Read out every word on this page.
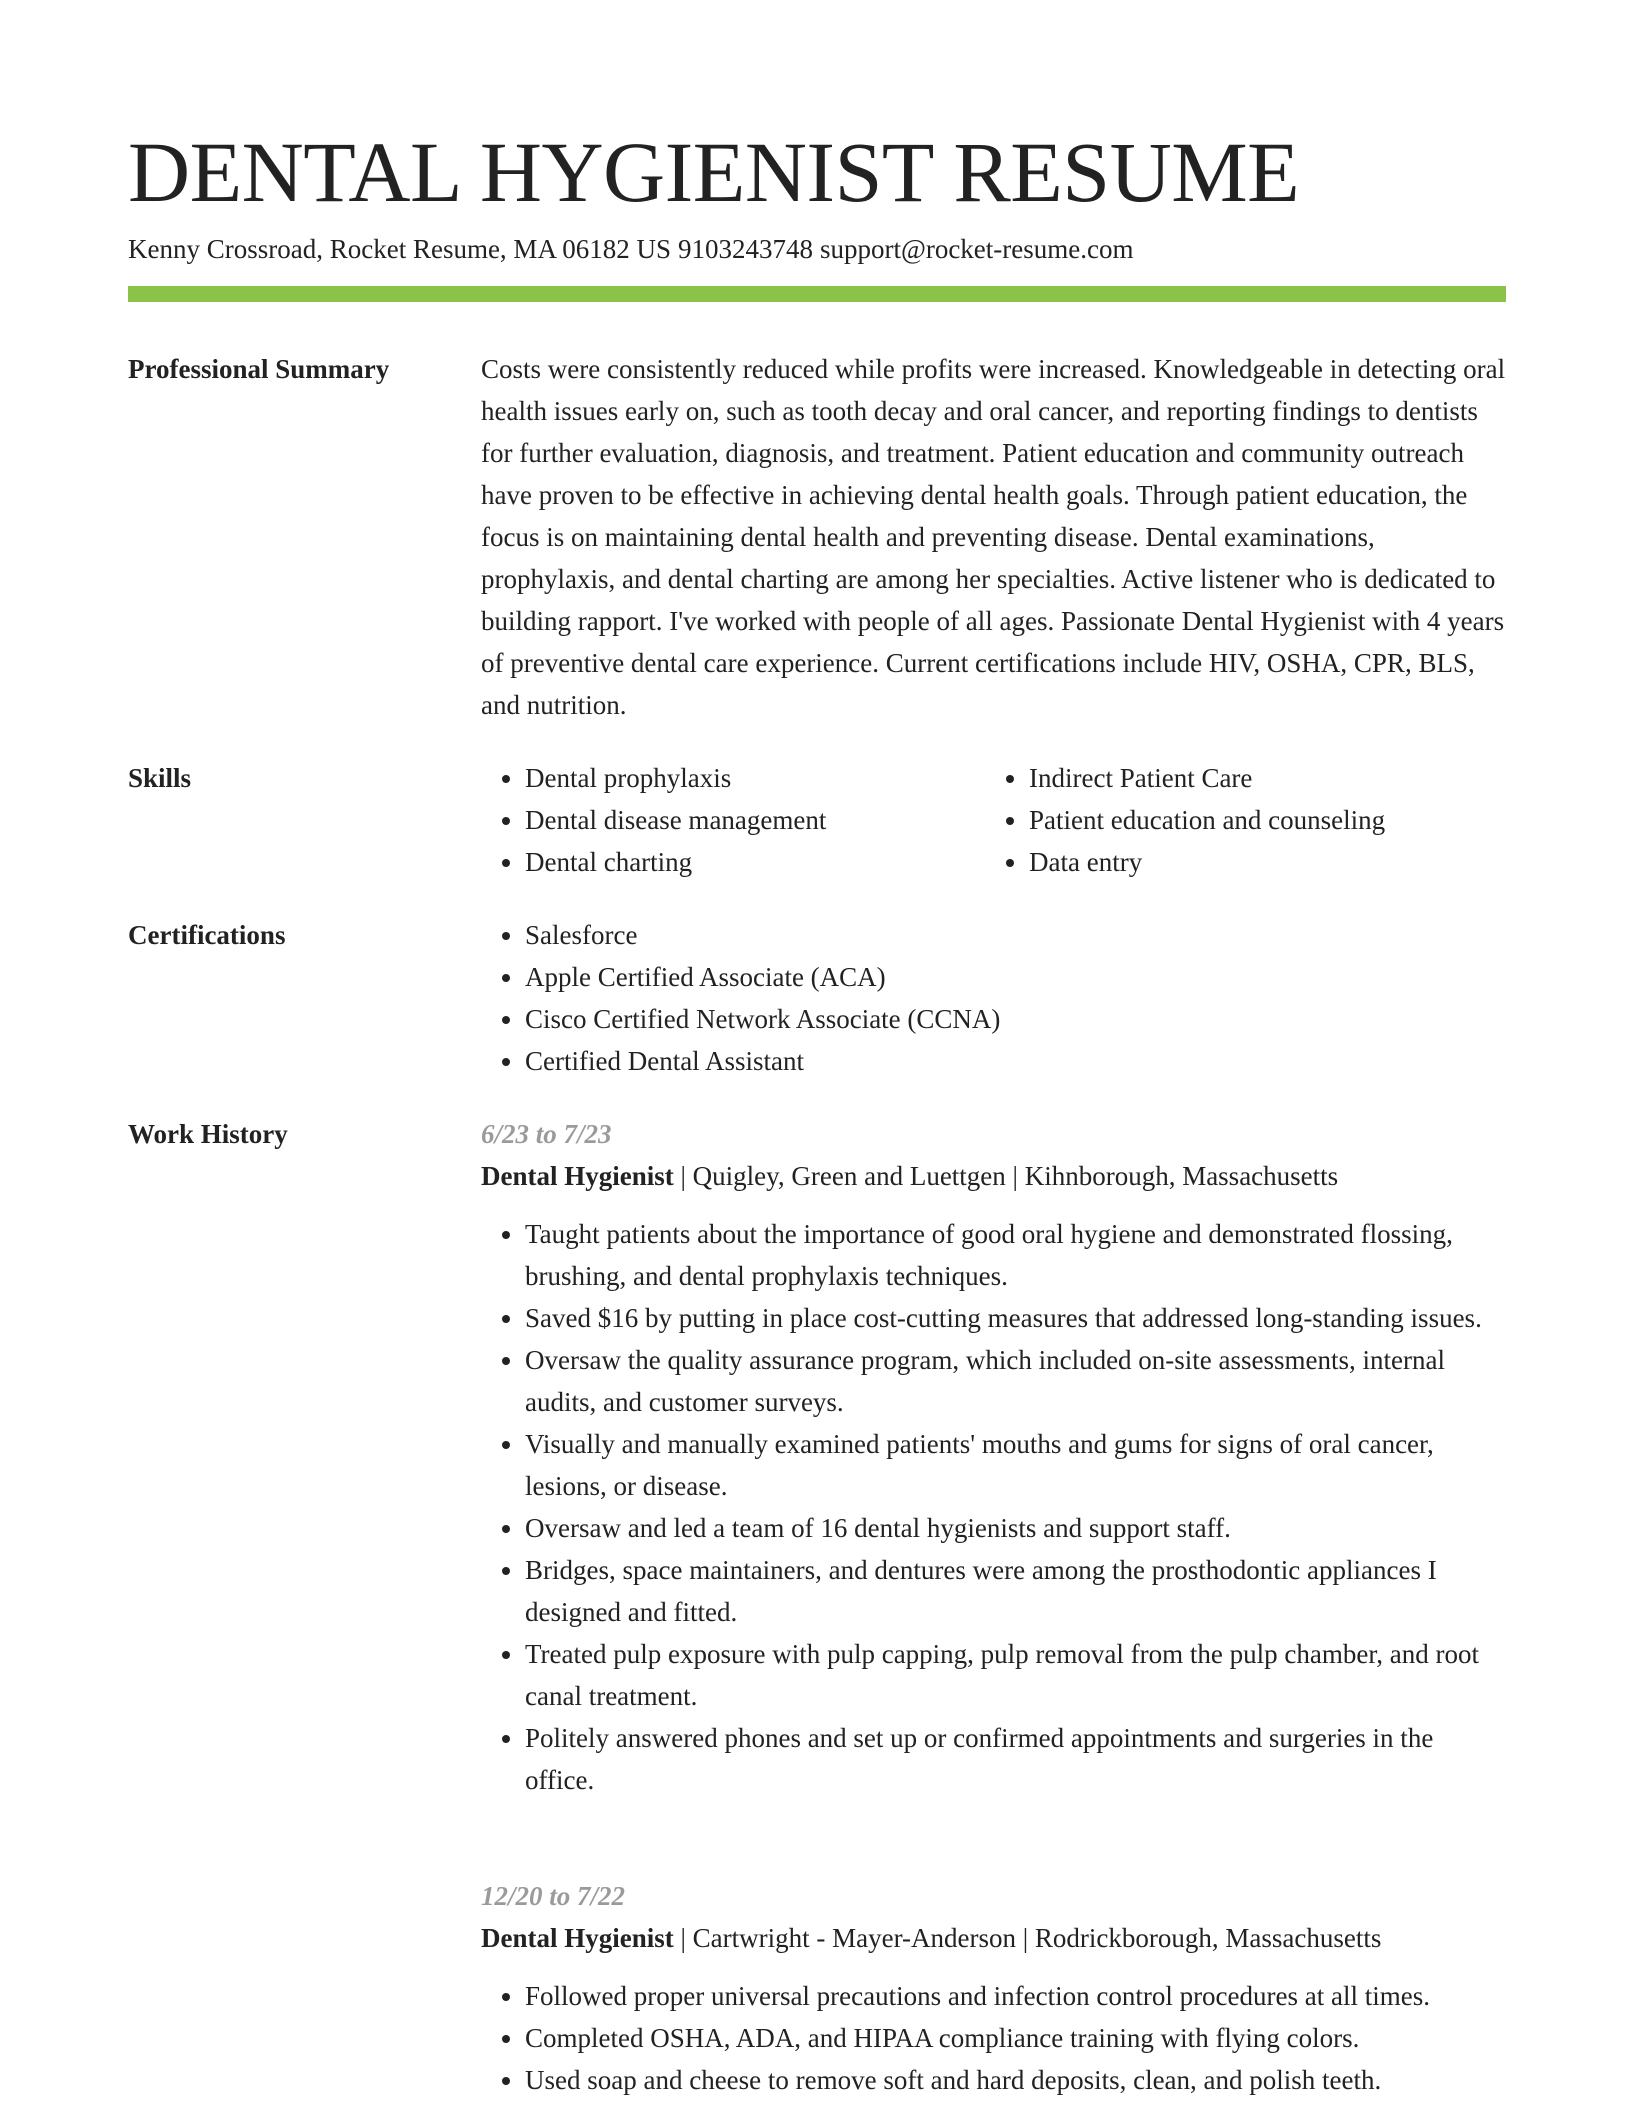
DENTAL HYGIENIST RESUME
Kenny Crossroad, Rocket Resume, MA 06182 US 9103243748 support@rocket-resume.com
Professional Summary	Costs were consistently reduced while profits were increased. Knowledgeable in detecting oral health issues early on, such as tooth decay and oral cancer, and reporting findings to dentists for further evaluation, diagnosis, and treatment. Patient education and community outreach have proven to be effective in achieving dental health goals. Through patient education, the focus is on maintaining dental health and preventing disease. Dental examinations, prophylaxis, and dental charting are among her specialties. Active listener who is dedicated to building rapport. I've worked with people of all ages. Passionate Dental Hygienist with 4 years of preventive dental care experience. Current certifications include HIV, OSHA, CPR, BLS, and nutrition.

Skills	• Dental prophylaxis
• Dental disease management
• Dental charting
• Indirect Patient Care
• Patient education and counseling
• Data entry
Certifications	• Salesforce
• Apple Certified Associate (ACA)
• Cisco Certified Network Associate (CCNA)
• Certified Dental Assistant
Work History	6/23 to 7/23
Dental Hygienist | Quigley, Green and Luettgen | Kihnborough, Massachusetts
• Taught patients about the importance of good oral hygiene and demonstrated flossing, brushing, and dental prophylaxis techniques.
• Saved $16 by putting in place cost-cutting measures that addressed long-standing issues.
• Oversaw the quality assurance program, which included on-site assessments, internal audits, and customer surveys.
• Visually and manually examined patients' mouths and gums for signs of oral cancer, lesions, or disease.
• Oversaw and led a team of 16 dental hygienists and support staff.
• Bridges, space maintainers, and dentures were among the prosthodontic appliances I designed and fitted.
• Treated pulp exposure with pulp capping, pulp removal from the pulp chamber, and root canal treatment.
• Politely answered phones and set up or confirmed appointments and surgeries in the office.
12/20 to 7/22
Dental Hygienist | Cartwright - Mayer-Anderson | Rodrickborough, Massachusetts
• Followed proper universal precautions and infection control procedures at all times.
• Completed OSHA, ADA, and HIPAA compliance training with flying colors.
• Used soap and cheese to remove soft and hard deposits, clean, and polish teeth.
